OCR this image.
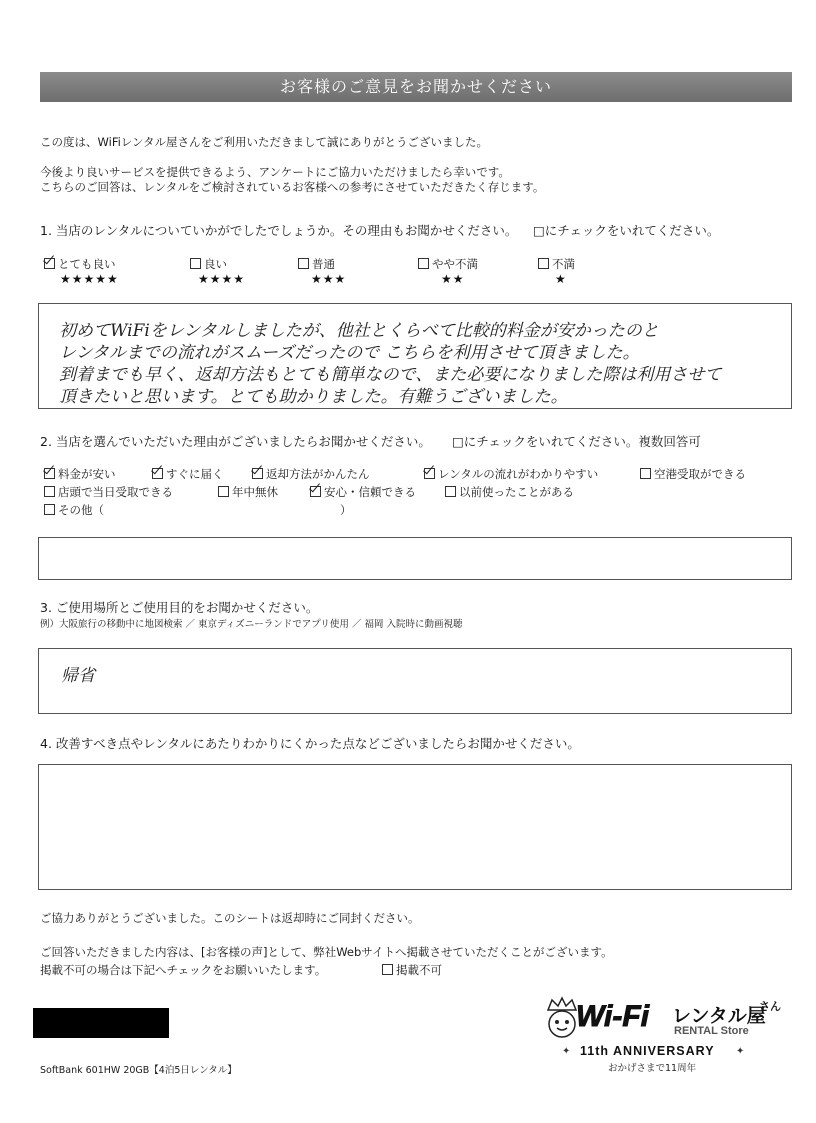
お客様のご意見をお聞かせください
この度は、WiFiレンタル屋さんをご利用いただきまして誠にありがとうございました。
今後より良いサービスを提供できるよう、アンケートにご協力いただけましたら幸いです。
こちらのご回答は、レンタルをご検討されているお客様への参考にさせていただきたく存じます。
1. 当店のレンタルについていかがでしたでしょうか。その理由もお聞かせください。 □にチェックをいれてください。
とても良い
★★★★★
良い
★★★★
普通
★★★
やや不満
★★
不満
★
初めてWiFiをレンタルしましたが、他社とくらべて比較的料金が安かったのと
レンタルまでの流れがスムーズだったので こちらを利用させて頂きました。
到着までも早く、返却方法もとても簡単なので、また必要になりました際は利用させて
頂きたいと思います。とても助かりました。有難うございました。
2. 当店を選んでいただいた理由がございましたらお聞かせください。 □にチェックをいれてください。複数回答可
料金が安い	すぐに届く	返却方法がかんたん	レンタルの流れがわかりやすい	空港受取ができる
店頭で当日受取できる	年中無休	安心・信頼できる	以前使ったことがある
その他（	）
3. ご使用場所とご使用目的をお聞かせください。
例）大阪旅行の移動中に地図検索 ／ 東京ディズニーランドでアプリ使用 ／ 福岡 入院時に動画視聴
帰省
4. 改善すべき点やレンタルにあたりわかりにくかった点などございましたらお聞かせください。
ご協力ありがとうございました。このシートは返却時にご同封ください。
ご回答いただきました内容は、[お客様の声]として、弊社Webサイトへ掲載させていただくことがございます。
掲載不可の場合は下記へチェックをお願いいたします。	掲載不可
SoftBank 601HW 20GB【4泊5日レンタル】
Wi-Fi レンタル屋
さん
RENTAL Store
✦ 11th ANNIVERSARY ✦
おかげさまで11周年
